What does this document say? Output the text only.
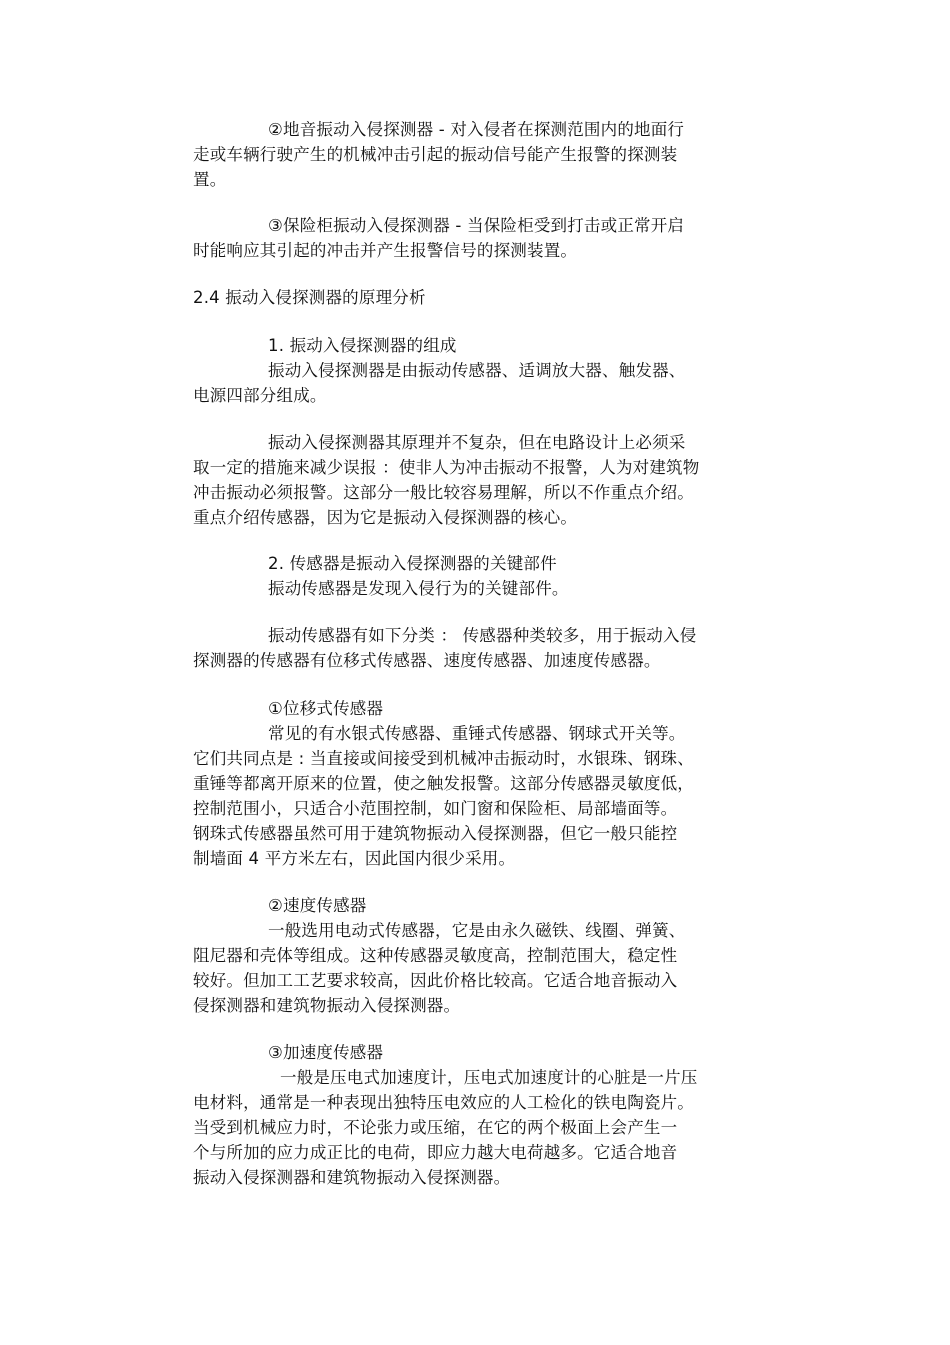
②地音振动入侵探测器 - 对入侵者在探测范围内的地面行
走或车辆行驶产生的机械冲击引起的振动信号能产生报警的探测装
置。
③保险柜振动入侵探测器 - 当保险柜受到打击或正常开启
时能响应其引起的冲击并产生报警信号的探测装置。
2.4 振动入侵探测器的原理分析
1. 振动入侵探测器的组成
振动入侵探测器是由振动传感器、适调放大器、触发器、
电源四部分组成。
振动入侵探测器其原理并不复杂，但在电路设计上必须采
取一定的措施来减少误报 ：使非人为冲击振动不报警，人为对建筑物
冲击振动必须报警。这部分一般比较容易理解，所以不作重点介绍。
重点介绍传感器，因为它是振动入侵探测器的核心。
2. 传感器是振动入侵探测器的关键部件
振动传感器是发现入侵行为的关键部件。
振动传感器有如下分类 ： 传感器种类较多，用于振动入侵
探测器的传感器有位移式传感器、速度传感器、加速度传感器。
①位移式传感器
常见的有水银式传感器、重锤式传感器、钢球式开关等。
它们共同点是 : 当直接或间接受到机械冲击振动时，水银珠、钢珠、
重锤等都离开原来的位置，使之触发报警。这部分传感器灵敏度低，
控制范围小，只适合小范围控制，如门窗和保险柜、局部墙面等。
钢珠式传感器虽然可用于建筑物振动入侵探测器，但它一般只能控
制墙面 4 平方米左右，因此国内很少采用。
②速度传感器
一般选用电动式传感器，它是由永久磁铁、线圈、弹簧、
阻尼器和壳体等组成。这种传感器灵敏度高，控制范围大，稳定性
较好。但加工工艺要求较高，因此价格比较高。它适合地音振动入
侵探测器和建筑物振动入侵探测器。
③加速度传感器
一般是压电式加速度计，压电式加速度计的心脏是一片压
电材料，通常是一种表现出独特压电效应的人工检化的铁电陶瓷片。
当受到机械应力时，不论张力或压缩，在它的两个极面上会产生一
个与所加的应力成正比的电荷，即应力越大电荷越多。它适合地音
振动入侵探测器和建筑物振动入侵探测器。
